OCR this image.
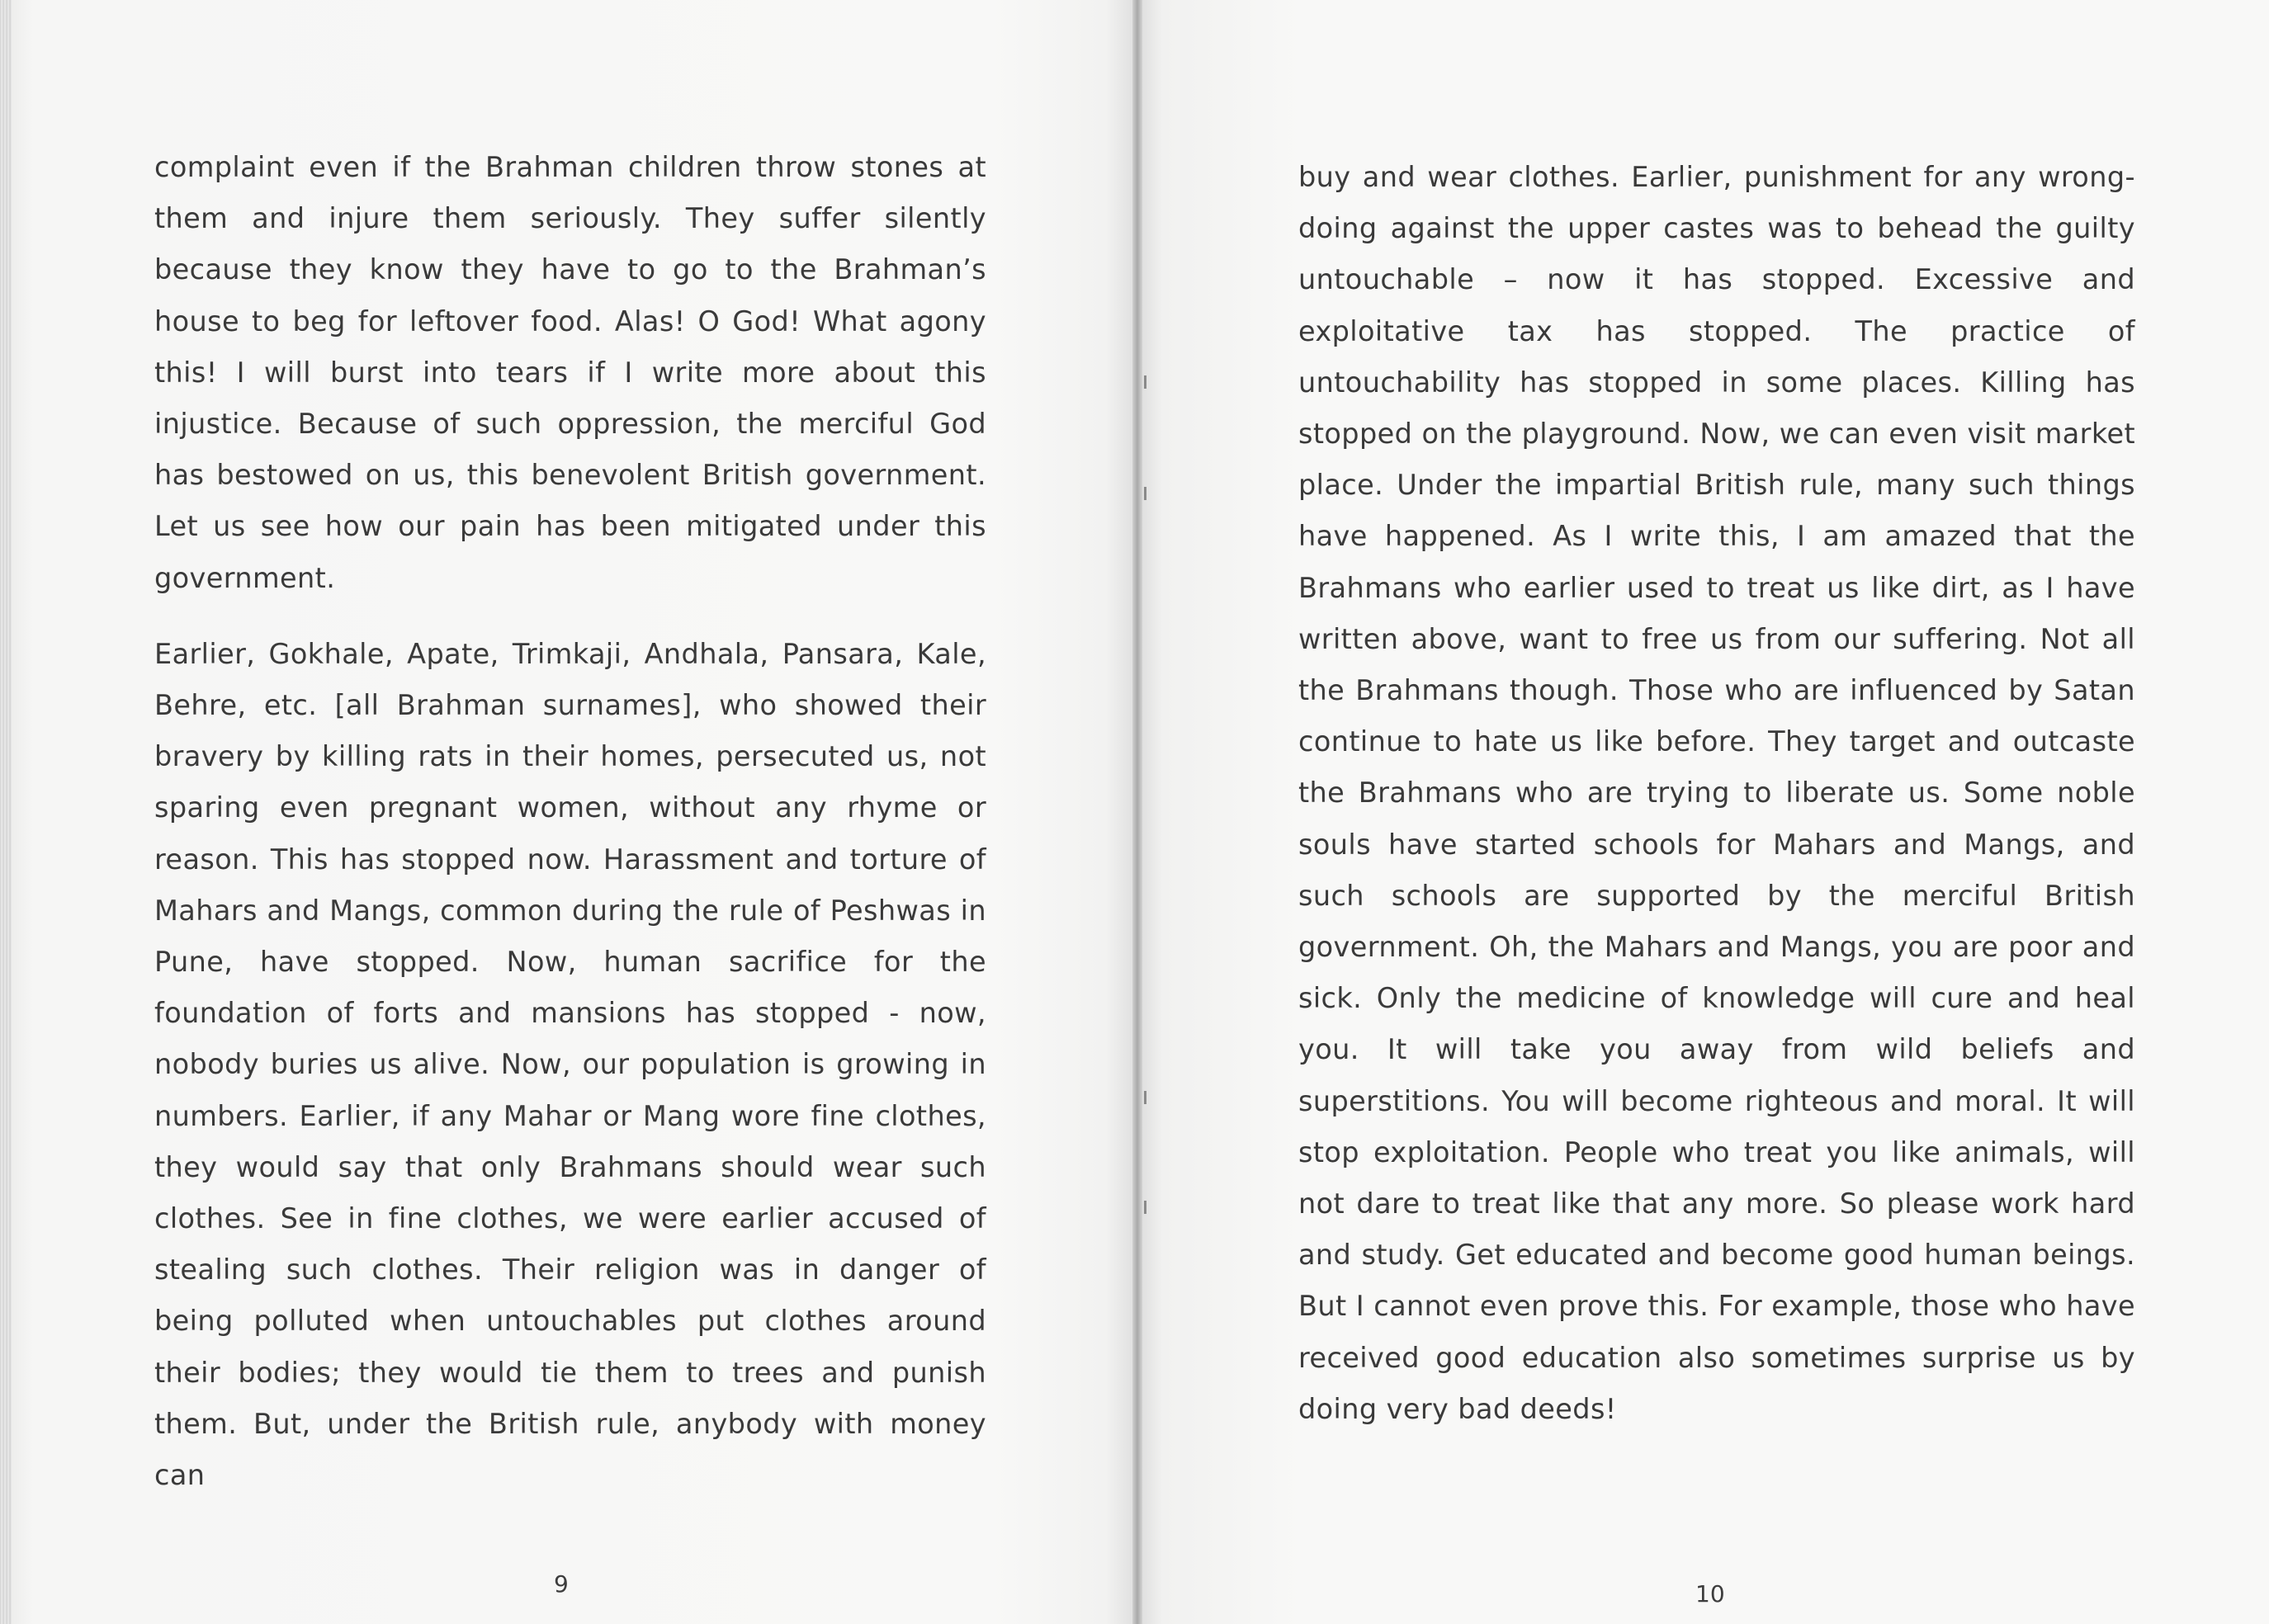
complaint even if the Brahman children throw stones at them and injure them seriously. They suffer silently because they know they have to go to the Brahman’s house to beg for leftover food. Alas! O God! What agony this! I will burst into tears if I write more about this injustice. Because of such oppression, the merciful God has bestowed on us, this benevolent British government. Let us see how our pain has been mitigated under this government.

Earlier, Gokhale, Apate, Trimkaji, Andhala, Pansara, Kale, Behre, etc. [all Brahman surnames], who showed their bravery by killing rats in their homes, persecuted us, not sparing even pregnant women, without any rhyme or reason. This has stopped now. Harassment and torture of Mahars and Mangs, common during the rule of Peshwas in Pune, have stopped. Now, human sacrifice for the foundation of forts and mansions has stopped - now, nobody buries us alive. Now, our population is growing in numbers. Earlier, if any Mahar or Mang wore fine clothes, they would say that only Brahmans should wear such clothes. See in fine clothes, we were earlier accused of stealing such clothes. Their religion was in danger of being polluted when untouchables put clothes around their bodies; they would tie them to trees and punish them. But, under the British rule, anybody with money can

9

buy and wear clothes. Earlier, punishment for any wrong-doing against the upper castes was to behead the guilty untouchable – now it has stopped. Excessive and exploitative tax has stopped. The practice of untouchability has stopped in some places. Killing has stopped on the playground. Now, we can even visit market place. Under the impartial British rule, many such things have happened. As I write this, I am amazed that the Brahmans who earlier used to treat us like dirt, as I have written above, want to free us from our suffering. Not all the Brahmans though. Those who are influenced by Satan continue to hate us like before. They target and outcaste the Brahmans who are trying to liberate us. Some noble souls have started schools for Mahars and Mangs, and such schools are supported by the merciful British government. Oh, the Mahars and Mangs, you are poor and sick. Only the medicine of knowledge will cure and heal you. It will take you away from wild beliefs and superstitions. You will become righteous and moral. It will stop exploitation. People who treat you like animals, will not dare to treat like that any more. So please work hard and study. Get educated and become good human beings. But I cannot even prove this. For example, those who have received good education also sometimes surprise us by doing very bad deeds!

10
